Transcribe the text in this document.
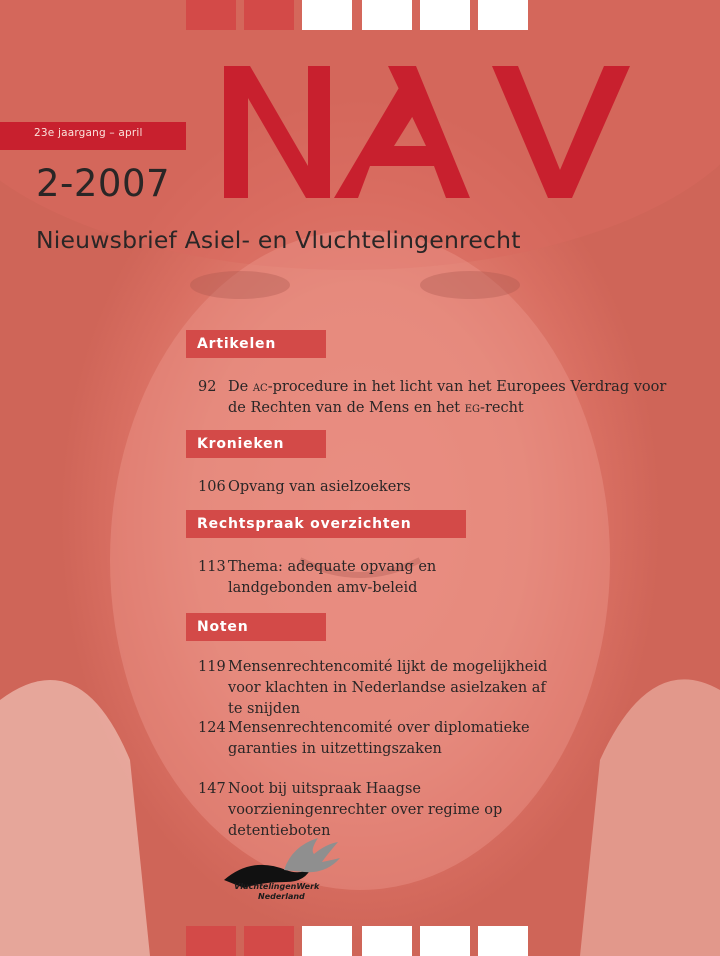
23e jaargang – april
2-2007
Nieuwsbrief Asiel- en Vluchtelingenrecht
Artikelen
92 De ac-procedure in het licht van het Europees Verdrag voor de Rechten van de Mens en het eg-recht
Kronieken
106 Opvang van asielzoekers
Rechtspraak overzichten
113 Thema: adequate opvang en landgebonden amv-beleid
Noten
119 Mensenrechtencomité lijkt de mogelijkheid voor klachten in Nederlandse asielzaken af te snijden
124 Mensenrechtencomité over diplomatieke garanties in uitzettingszaken
147 Noot bij uitspraak Haagse voorzieningenrechter over regime op detentieboten
VluchtelingenWerk
Nederland
